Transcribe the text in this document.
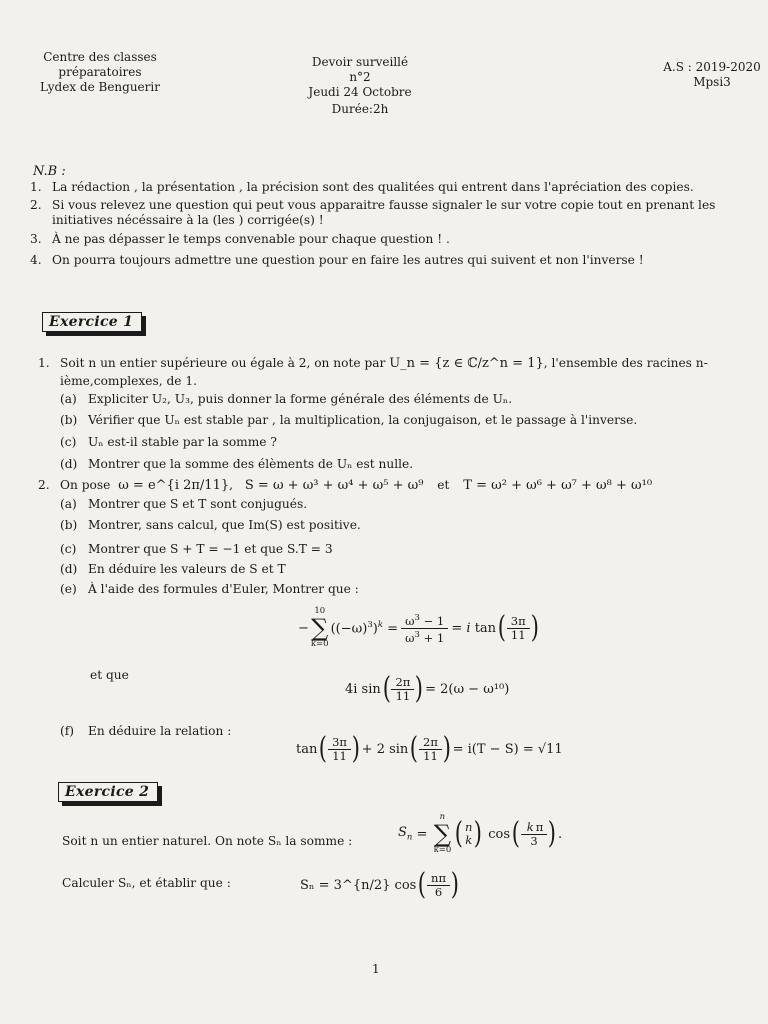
Centre des classes préparatoires
Lydex de Benguerir
Devoir surveillé n°2
Jeudi 24 Octobre
Durée:2h
A.S : 2019-2020
Mpsi3
N.B :
1. La rédaction , la présentation , la précision sont des qualitées qui entrent dans l'apréciation des copies.
2. Si vous relevez une question qui peut vous apparaitre fausse signaler le sur votre copie tout en prenant les
initiatives nécéssaire à la (les ) corrigée(s) !
3. À ne pas dépasser le temps convenable pour chaque question ! .
4. On pourra toujours admettre une question pour en faire les autres qui suivent et non l'inverse !
Exercice 1
1. Soit n un entier supérieure ou égale à 2, on note par U_n = {z ∈ ℂ/z^n = 1}, l'ensemble des racines n-
ième,complexes, de 1.
(a) Expliciter U₂, U₃, puis donner la forme générale des éléments de Uₙ.
(b) Vérifier que Uₙ est stable par , la multiplication, la conjugaison, et le passage à l'inverse.
(c) Uₙ est-il stable par la somme ?
(d) Montrer que la somme des élèments de Uₙ est nulle.
2. On pose ω = e^{i 2π/11}, S = ω + ω³ + ω⁴ + ω⁵ + ω⁹ et T = ω² + ω⁶ + ω⁷ + ω⁸ + ω¹⁰
(a) Montrer que S et T sont conjugués.
(b) Montrer, sans calcul, que Im(S) est positive.
(c) Montrer que S + T = −1 et que S.T = 3
(d) En déduire les valeurs de S et T
(e) À l'aide des formules d'Euler, Montrer que :
−
10
∑
k=0
$((-\omega)^3)^k = \frac{\omega^3 - 1}{\omega^3 + 1} = i$ tan ( $\frac{3\pi}{11}$ )
et que
4i sin ( $\frac{2\pi}{11}$ ) = 2(ω − ω¹⁰)
(f) En déduire la relation :
tan ( $\frac{3\pi}{11}$ ) + 2 sin ( $\frac{2\pi}{11}$ ) = i(T − S) = √11
Exercice 2
Soit n un entier naturel. On note Sₙ la somme :
$S_n$ =
n
∑
k=0 ( n
k ) cos ( $\frac{\text{k π}}{3}$ ) .
Calculer Sₙ, et établir que :	Sₙ = 3^{n/2} cos ( $\frac{n\pi}{6}$ )
1
